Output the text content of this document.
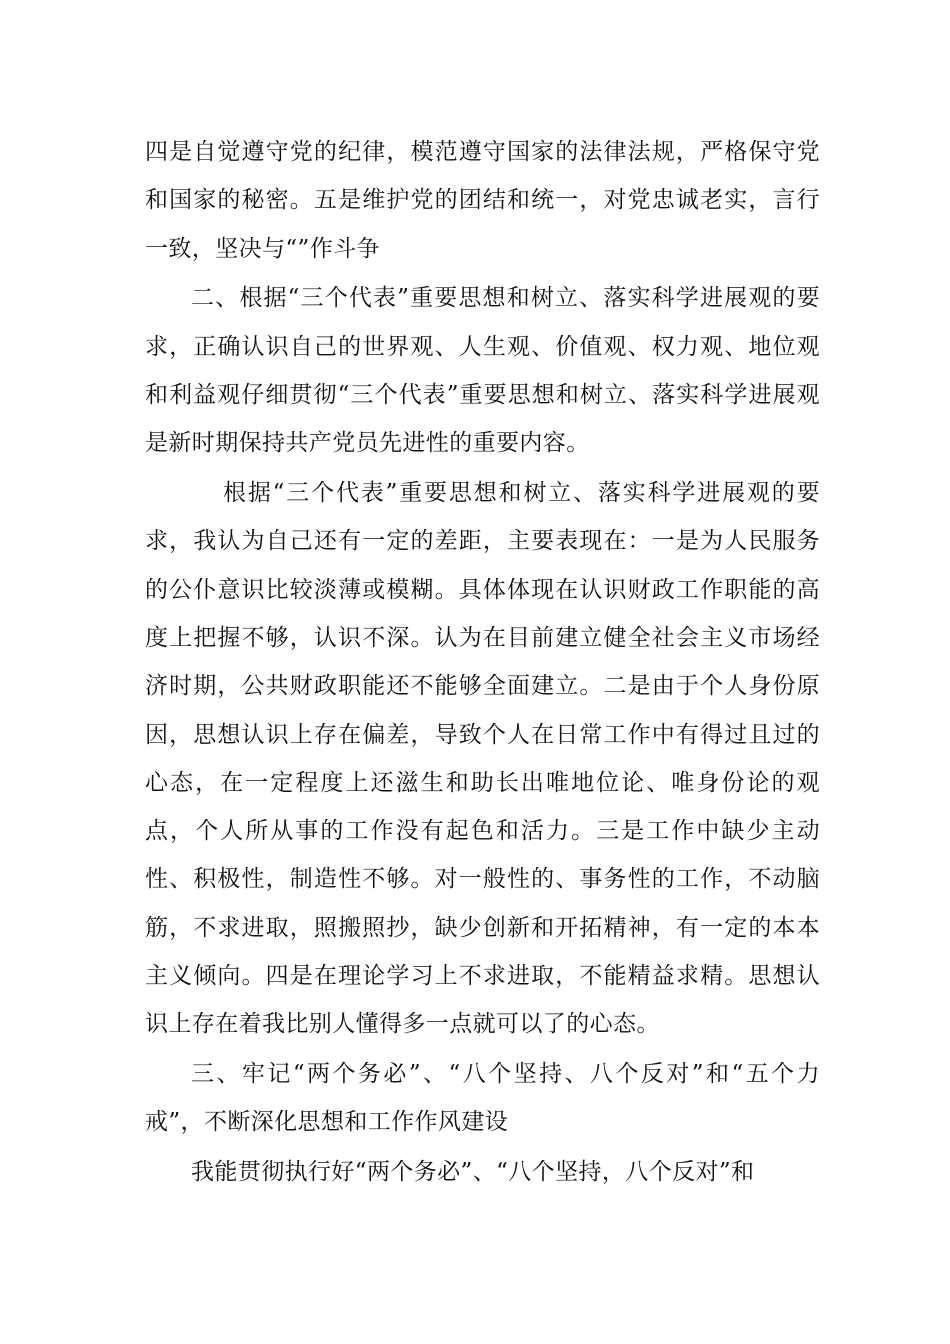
四是自觉遵守党的纪律，模范遵守国家的法律法规，严格保守党和国家的秘密。五是维护党的团结和统一，对党忠诚老实，言行一致，坚决与“”作斗争

二、根据“三个代表”重要思想和树立、落实科学进展观的要求，正确认识自己的世界观、人生观、价值观、权力观、地位观和利益观仔细贯彻“三个代表”重要思想和树立、落实科学进展观是新时期保持共产党员先进性的重要内容。

根据“三个代表”重要思想和树立、落实科学进展观的要求，我认为自己还有一定的差距，主要表现在：一是为人民服务的公仆意识比较淡薄或模糊。具体体现在认识财政工作职能的高度上把握不够，认识不深。认为在目前建立健全社会主义市场经济时期，公共财政职能还不能够全面建立。二是由于个人身份原因，思想认识上存在偏差，导致个人在日常工作中有得过且过的心态，在一定程度上还滋生和助长出唯地位论、唯身份论的观点，个人所从事的工作没有起色和活力。三是工作中缺少主动性、积极性，制造性不够。对一般性的、事务性的工作，不动脑筋，不求进取，照搬照抄，缺少创新和开拓精神，有一定的本本主义倾向。四是在理论学习上不求进取，不能精益求精。思想认识上存在着我比别人懂得多一点就可以了的心态。

三、牢记“两个务必”、“八个坚持、八个反对”和“五个力戒”，不断深化思想和工作作风建设

我能贯彻执行好“两个务必”、“八个坚持，八个反对”和
